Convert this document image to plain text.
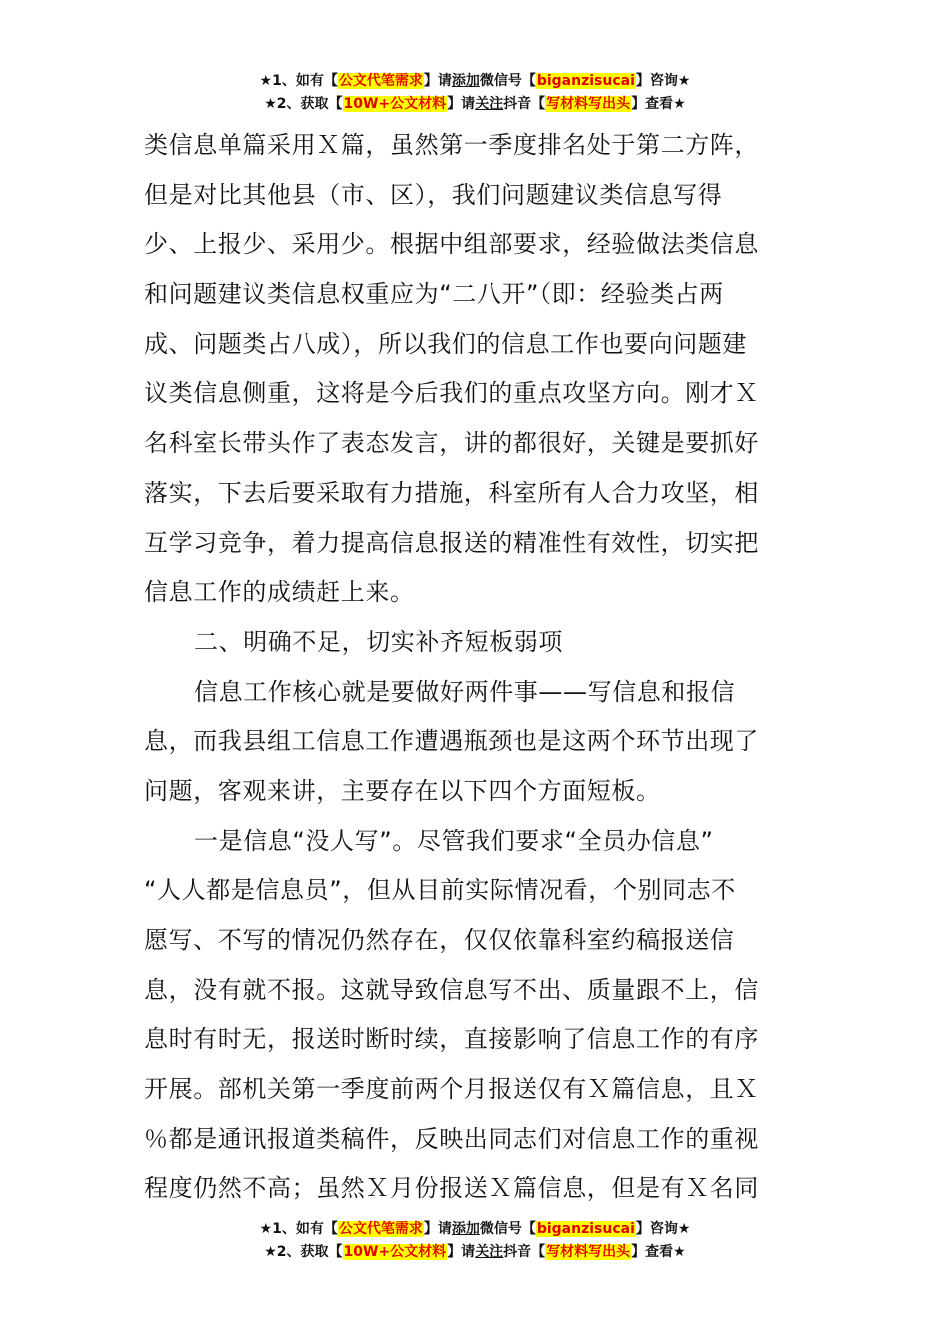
★1、如有【公文代笔需求】请添加微信号【biganzisucai】咨询★
★2、获取【10W+公文材料】请关注抖音【写材料写出头】查看★
类信息单篇采用Ｘ篇，虽然第一季度排名处于第二方阵，
但是对比其他县（市、区），我们问题建议类信息写得
少、上报少、采用少。根据中组部要求，经验做法类信息
和问题建议类信息权重应为“二八开”（即：经验类占两
成、问题类占八成），所以我们的信息工作也要向问题建
议类信息侧重，这将是今后我们的重点攻坚方向。刚才Ｘ
名科室长带头作了表态发言，讲的都很好，关键是要抓好
落实，下去后要采取有力措施，科室所有人合力攻坚，相
互学习竞争，着力提高信息报送的精准性有效性，切实把
信息工作的成绩赶上来。
二、明确不足，切实补齐短板弱项
信息工作核心就是要做好两件事——写信息和报信
息，而我县组工信息工作遭遇瓶颈也是这两个环节出现了
问题，客观来讲，主要存在以下四个方面短板。
一是信息“没人写”。尽管我们要求“全员办信息”
“人人都是信息员”，但从目前实际情况看，个别同志不
愿写、不写的情况仍然存在，仅仅依靠科室约稿报送信
息，没有就不报。这就导致信息写不出、质量跟不上，信
息时有时无，报送时断时续，直接影响了信息工作的有序
开展。部机关第一季度前两个月报送仅有Ｘ篇信息，且Ｘ
％都是通讯报道类稿件，反映出同志们对信息工作的重视
程度仍然不高；虽然Ｘ月份报送Ｘ篇信息，但是有Ｘ名同
★1、如有【公文代笔需求】请添加微信号【biganzisucai】咨询★
★2、获取【10W+公文材料】请关注抖音【写材料写出头】查看★
